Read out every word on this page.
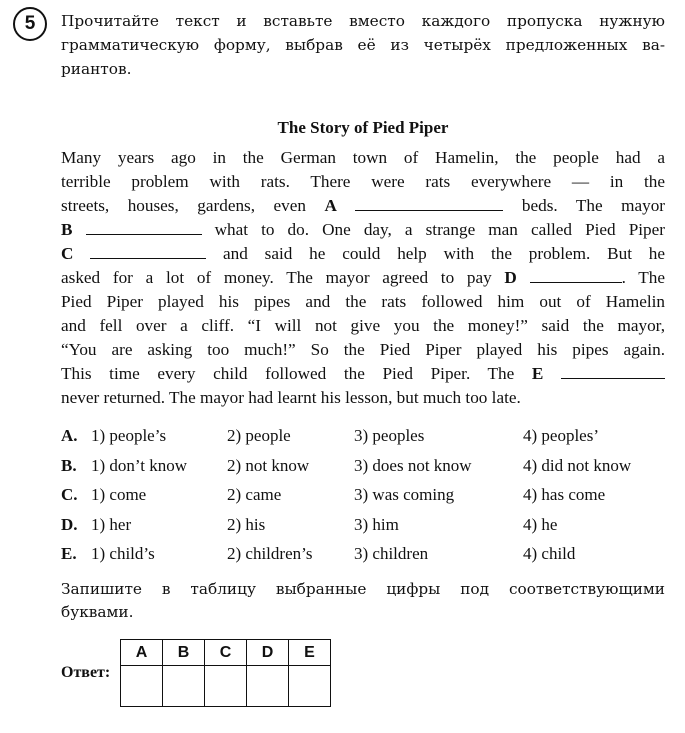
5	Прочитайте текст и вставьте вместо каждого пропуска нужную
грамматическую форму, выбрав её из четырёх предложенных ва-
риантов.
The Story of Pied Piper
Many years ago in the German town of Hamelin, the people had a
terrible problem with rats. There were rats everywhere — in the
streets, houses, gardens, even A	beds. The mayor
B	what to do. One day, a strange man called Pied Piper
C	and said he could help with the problem. But he
asked for a lot of money. The mayor agreed to pay D	. The
Pied Piper played his pipes and the rats followed him out of Hamelin
and fell over a cliff. “I will not give you the money!” said the mayor,
“You are asking too much!” So the Pied Piper played his pipes again.
This time every child followed the Pied Piper. The E
never returned. The mayor had learnt his lesson, but much too late.
A. 1) people’s	2) people	3) peoples	4) peoples’
B. 1) don’t know 2) not know	3) does not know	4) did not know
C. 1) come	2) came	3) was coming	4) has come
D. 1) her	2) his	3) him	4) he
E. 1) child’s	2) children’s 3) children	4) child
Запишите в таблицу выбранные цифры под соответствующими
буквами.
Ответ:
A	B	C	D	E
